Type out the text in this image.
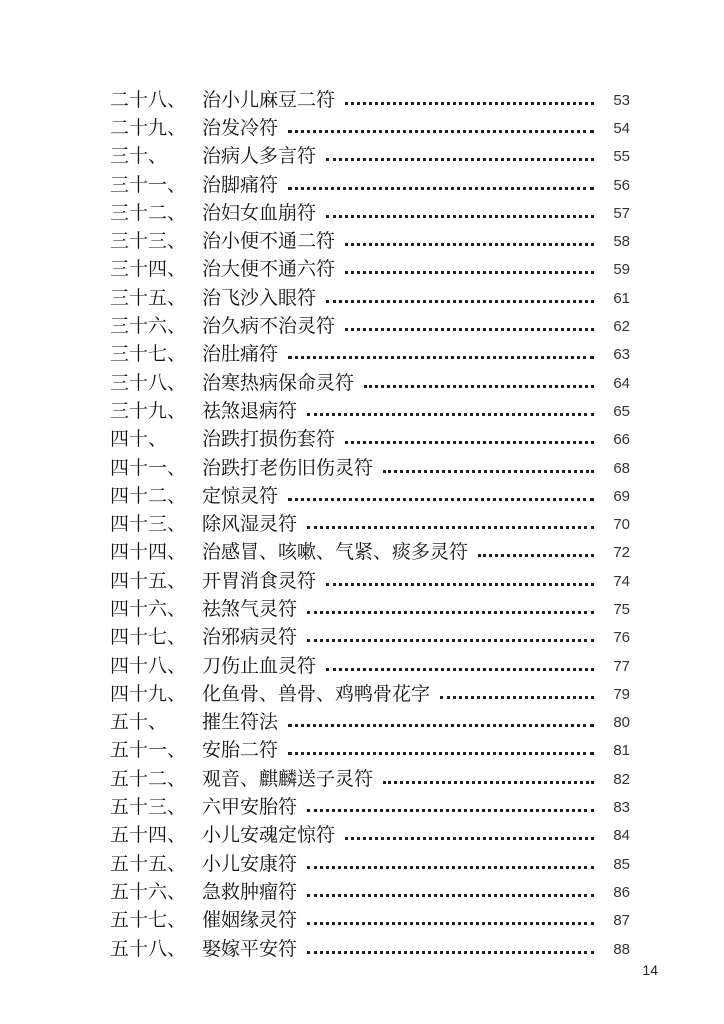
二十八、 治小儿麻豆二符	53
二十九、 治发冷符	54
三十、	治病人多言符	55
三十一、 治脚痛符	56
三十二、 治妇女血崩符	57
三十三、 治小便不通二符	58
三十四、 治大便不通六符	59
三十五、 治飞沙入眼符	61
三十六、 治久病不治灵符	62
三十七、 治肚痛符	63
三十八、 治寒热病保命灵符	64
三十九、 祛煞退病符	65
四十、	治跌打损伤套符	66
四十一、 治跌打老伤旧伤灵符	68
四十二、 定惊灵符	69
四十三、 除风湿灵符	70
四十四、 治感冒、咳嗽、气紧、痰多灵符	72
四十五、 开胃消食灵符	74
四十六、 祛煞气灵符	75
四十七、 治邪病灵符	76
四十八、 刀伤止血灵符	77
四十九、 化鱼骨、兽骨、鸡鸭骨花字	79
五十、	摧生符法	80
五十一、 安胎二符	81
五十二、 观音、麒麟送子灵符	82
五十三、 六甲安胎符	83
五十四、 小儿安魂定惊符	84
五十五、 小儿安康符	85
五十六、 急救肿瘤符	86
五十七、 催姻缘灵符	87
五十八、 娶嫁平安符	88
14
